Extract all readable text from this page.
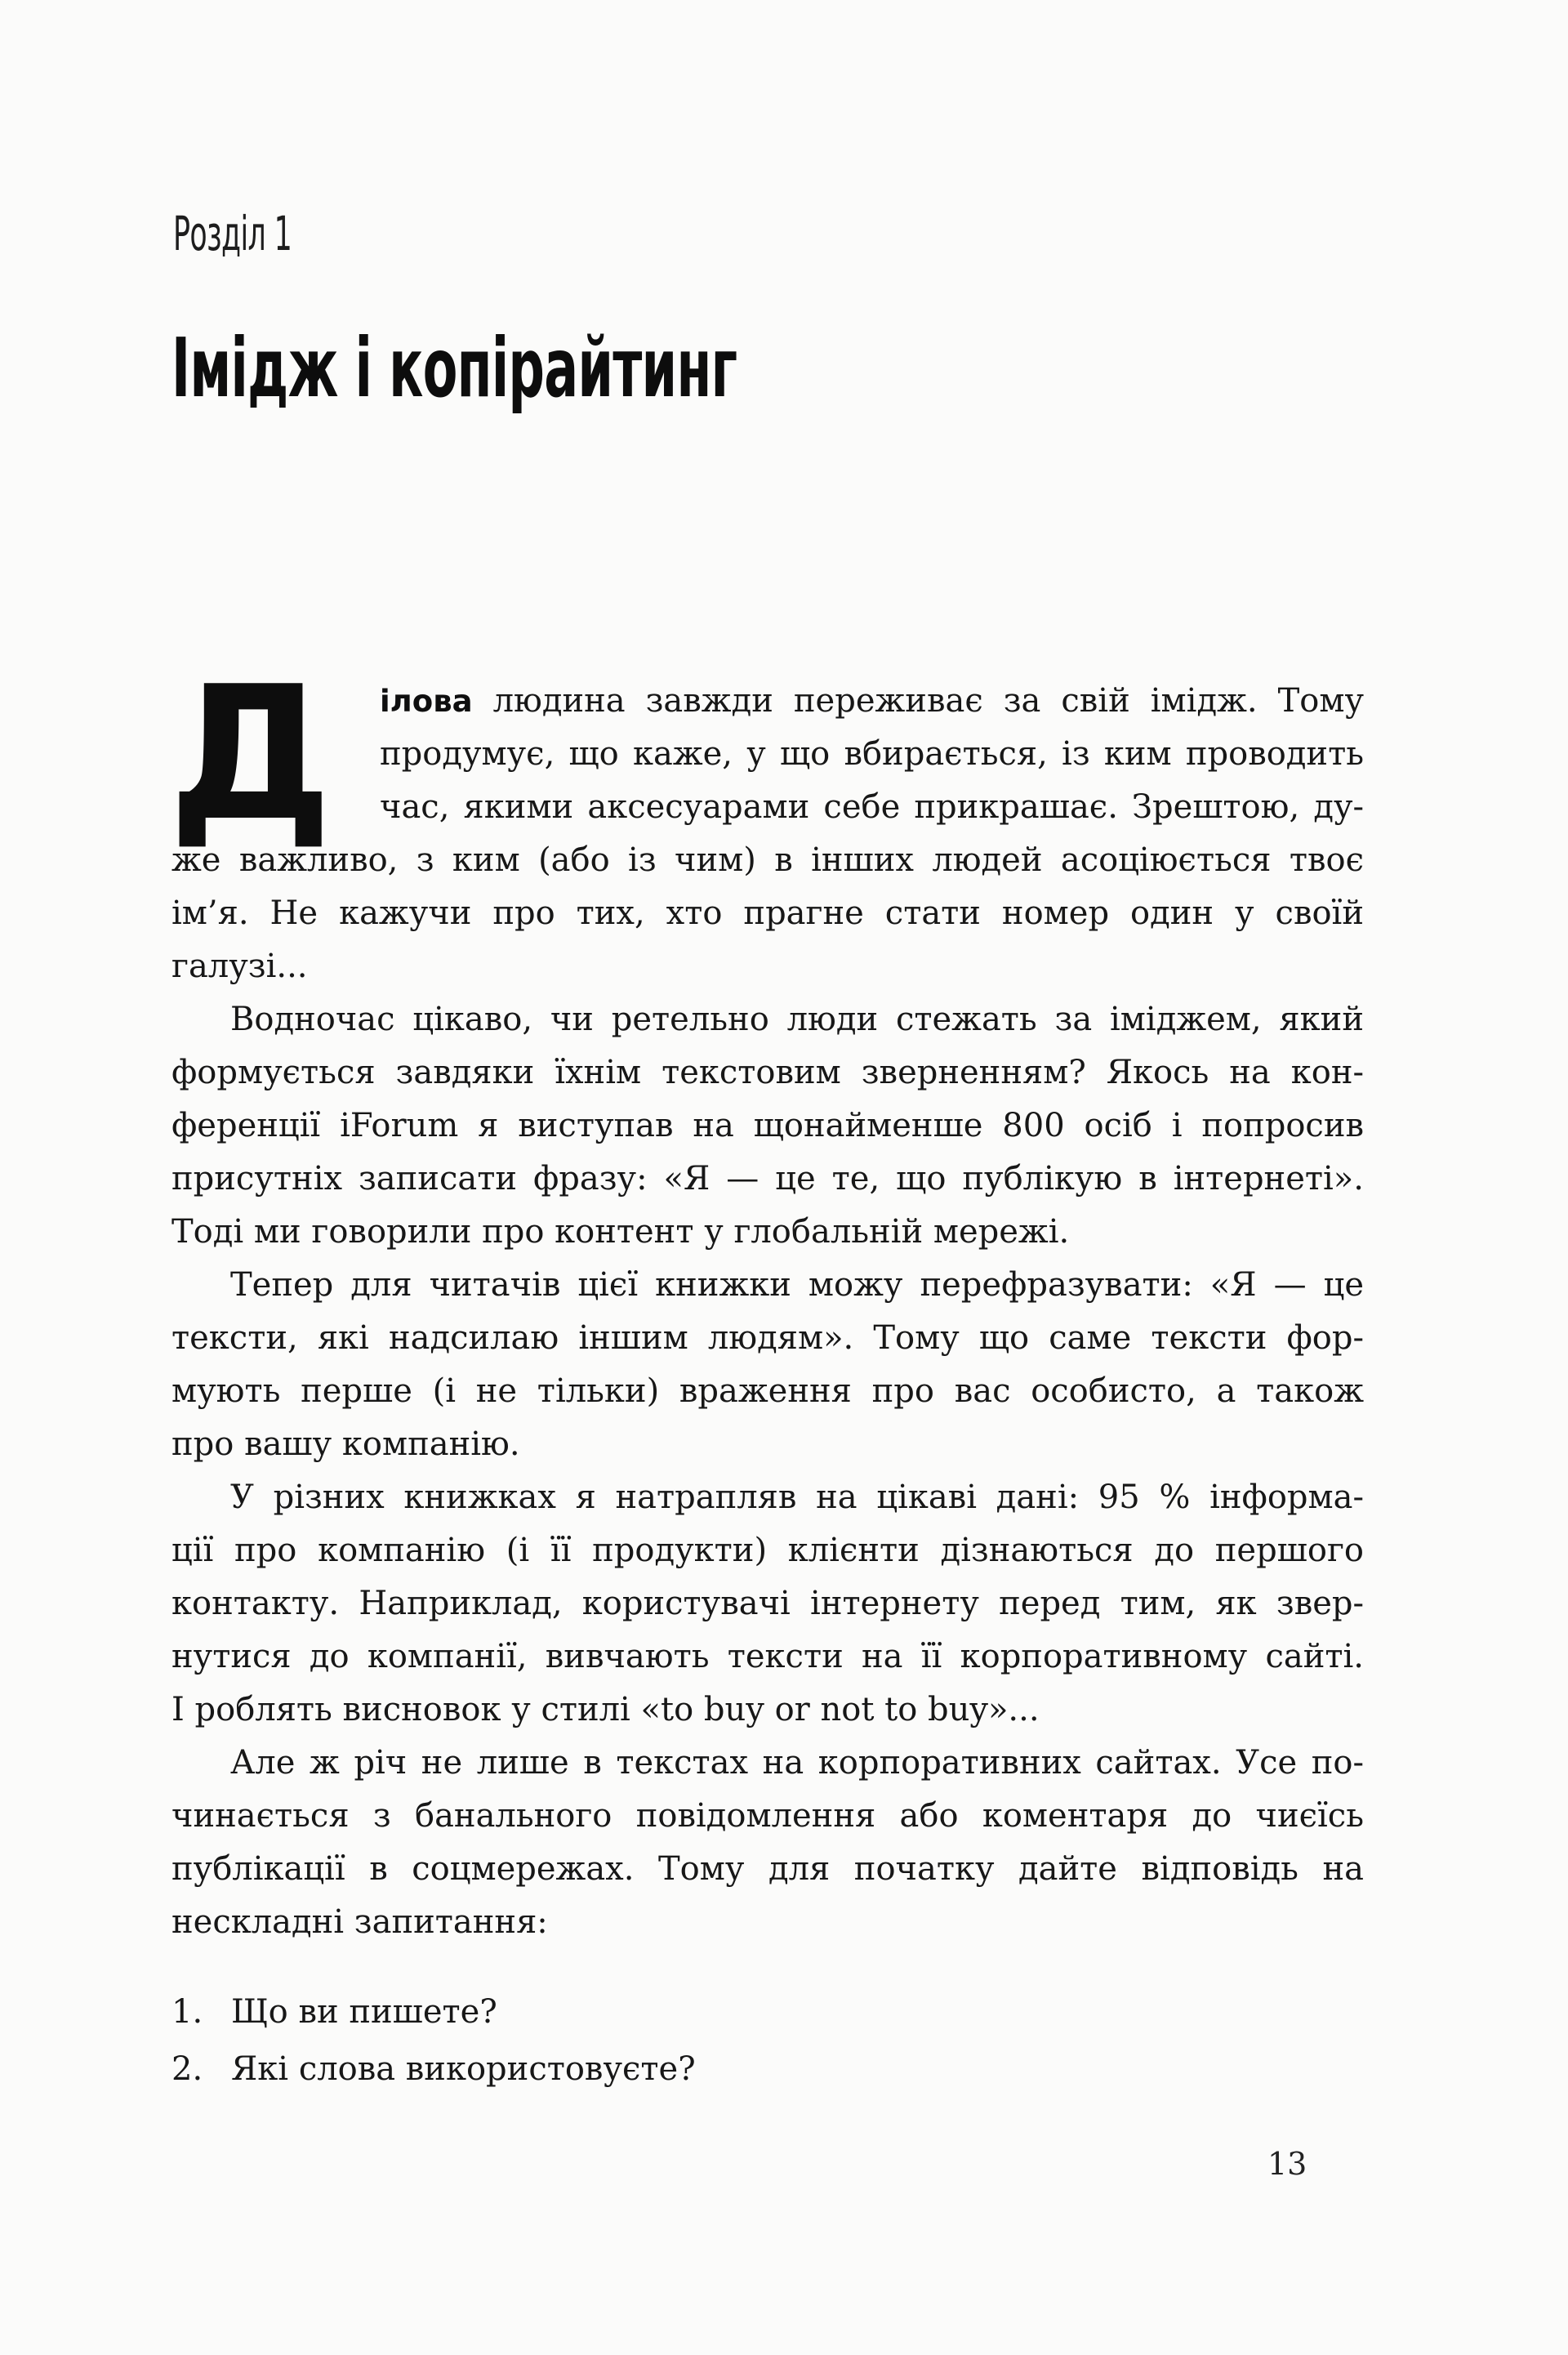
Розділ 1
Імідж і копірайтинг
Д ілова людина завжди переживає за свій імідж. Тому
продумує, що каже, у що вбирається, із ким проводить
час, якими аксесуарами себе прикрашає. Зрештою, ду-
же важливо, з ким (або із чим) в інших людей асоціюється твоє
ім’я. Не кажучи про тих, хто прагне стати номер один у своїй
галузі...
Водночас цікаво, чи ретельно люди стежать за іміджем, який
формується завдяки їхнім текстовим зверненням? Якось на кон-
ференції iForum я виступав на щонайменше 800 осіб і попросив
присутніх записати фразу: «Я — це те, що публікую в інтернеті».
Тоді ми говорили про контент у глобальній мережі.
Тепер для читачів цієї книжки можу перефразувати: «Я — це
тексти, які надсилаю іншим людям». Тому що саме тексти фор-
мують перше (і не тільки) враження про вас особисто, а також
про вашу компанію.
У різних книжках я натрапляв на цікаві дані: 95 % інформа-
ції про компанію (і її продукти) клієнти дізнаються до першого
контакту. Наприклад, користувачі інтернету перед тим, як звер-
нутися до компанії, вивчають тексти на її корпоративному сайті.
І роблять висновок у стилі «to buy or not to buy»...
Але ж річ не лише в текстах на корпоративних сайтах. Усе по-
чинається з банального повідомлення або коментаря до чиєїсь
публікації в соцмережах. Тому для початку дайте відповідь на
нескладні запитання:
1. Що ви пишете?
2. Які слова використовуєте?
13
